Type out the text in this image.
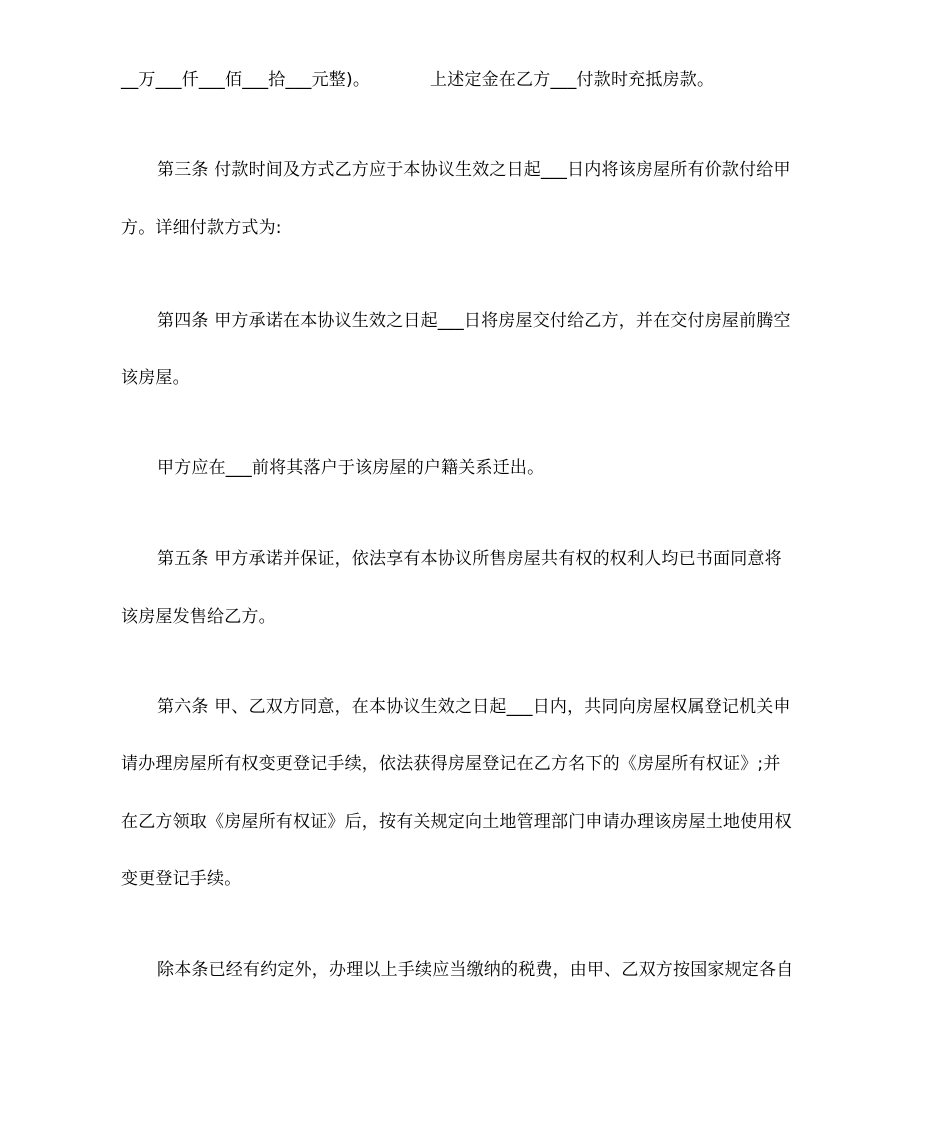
__万___仟___佰___拾___元整)。	上述定金在乙方___付款时充抵房款。
第三条 付款时间及方式乙方应于本协议生效之日起___日内将该房屋所有价款付给甲
方。详细付款方式为:
第四条 甲方承诺在本协议生效之日起___日将房屋交付给乙方，并在交付房屋前腾空
该房屋。
甲方应在___前将其落户于该房屋的户籍关系迁出。
第五条 甲方承诺并保证，依法享有本协议所售房屋共有权的权利人均已书面同意将
该房屋发售给乙方。
第六条 甲、乙双方同意，在本协议生效之日起___日内，共同向房屋权属登记机关申
请办理房屋所有权变更登记手续，依法获得房屋登记在乙方名下的《房屋所有权证》;并
在乙方领取《房屋所有权证》后，按有关规定向土地管理部门申请办理该房屋土地使用权
变更登记手续。
除本条已经有约定外，办理以上手续应当缴纳的税费，由甲、乙双方按国家规定各自
